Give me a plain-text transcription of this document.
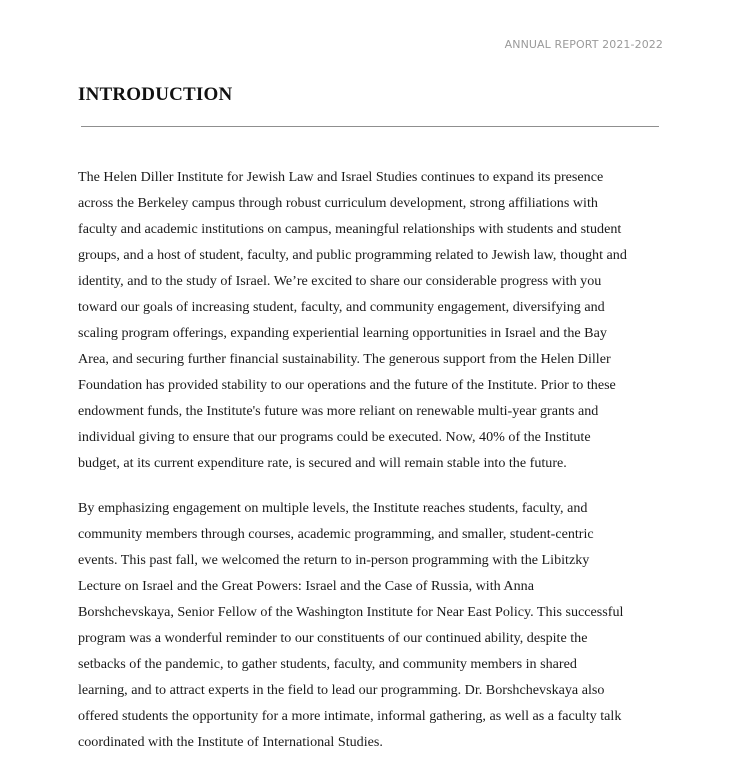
ANNUAL REPORT 2021-2022
INTRODUCTION

The Helen Diller Institute for Jewish Law and Israel Studies continues to expand its presence
across the Berkeley campus through robust curriculum development, strong affiliations with
faculty and academic institutions on campus, meaningful relationships with students and student
groups, and a host of student, faculty, and public programming related to Jewish law, thought and
identity, and to the study of Israel. We’re excited to share our considerable progress with you
toward our goals of increasing student, faculty, and community engagement, diversifying and
scaling program offerings, expanding experiential learning opportunities in Israel and the Bay
Area, and securing further financial sustainability. The generous support from the Helen Diller
Foundation has provided stability to our operations and the future of the Institute. Prior to these
endowment funds, the Institute's future was more reliant on renewable multi-year grants and
individual giving to ensure that our programs could be executed. Now, 40% of the Institute
budget, at its current expenditure rate, is secured and will remain stable into the future.

By emphasizing engagement on multiple levels, the Institute reaches students, faculty, and
community members through courses, academic programming, and smaller, student-centric
events. This past fall, we welcomed the return to in-person programming with the Libitzky
Lecture on Israel and the Great Powers: Israel and the Case of Russia, with Anna
Borshchevskaya, Senior Fellow of the Washington Institute for Near East Policy. This successful
program was a wonderful reminder to our constituents of our continued ability, despite the
setbacks of the pandemic, to gather students, faculty, and community members in shared
learning, and to attract experts in the field to lead our programming. Dr. Borshchevskaya also
offered students the opportunity for a more intimate, informal gathering, as well as a faculty talk
coordinated with the Institute of International Studies.
